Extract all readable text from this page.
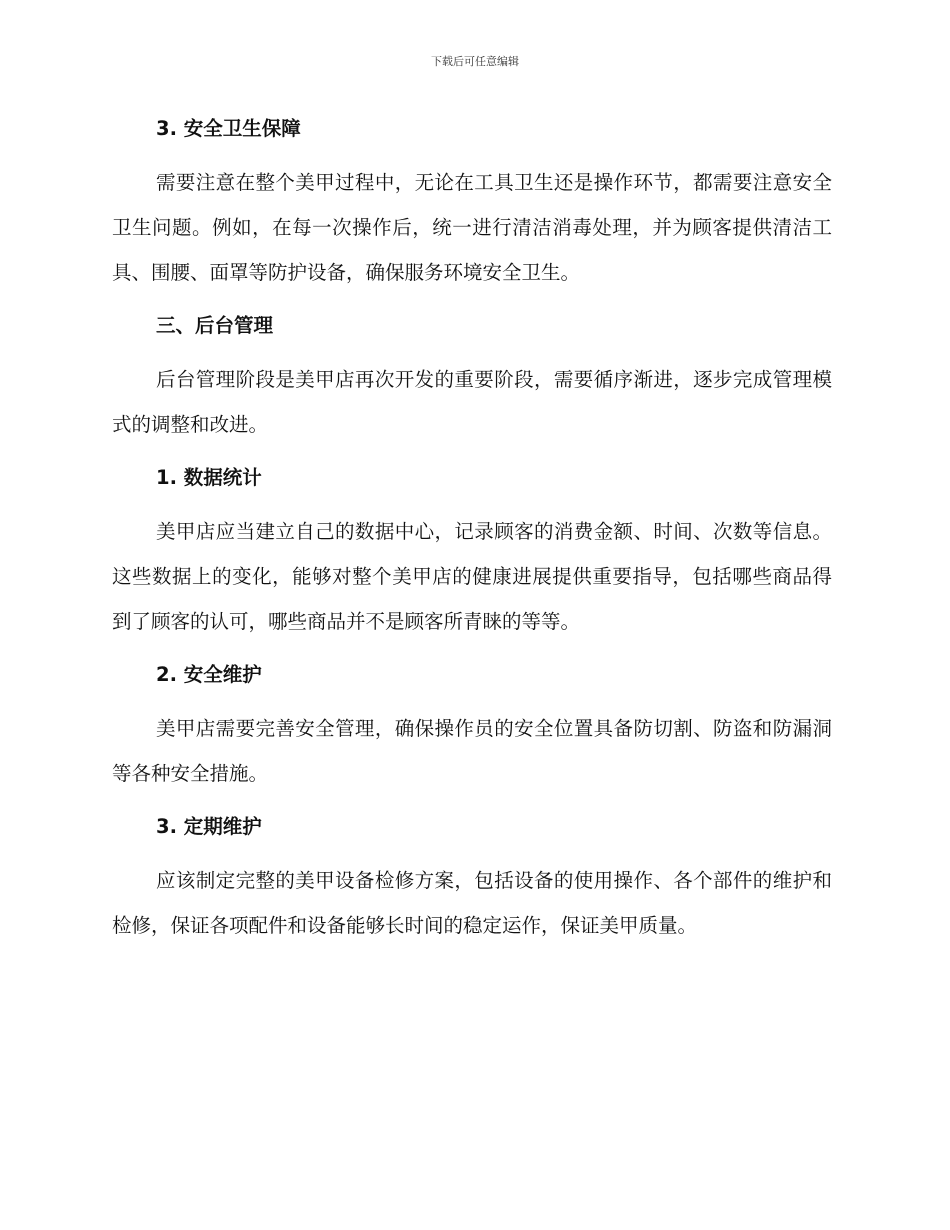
下载后可任意编辑
3. 安全卫生保障

需要注意在整个美甲过程中，无论在工具卫生还是操作环节，都需要注意安全卫生问题。例如，在每一次操作后，统一进行清洁消毒处理，并为顾客提供清洁工具、围腰、面罩等防护设备，确保服务环境安全卫生。

三、后台管理

后台管理阶段是美甲店再次开发的重要阶段，需要循序渐进，逐步完成管理模式的调整和改进。

1. 数据统计

美甲店应当建立自己的数据中心，记录顾客的消费金额、时间、次数等信息。这些数据上的变化，能够对整个美甲店的健康进展提供重要指导，包括哪些商品得到了顾客的认可，哪些商品并不是顾客所青睐的等等。

2. 安全维护

美甲店需要完善安全管理，确保操作员的安全位置具备防切割、防盗和防漏洞等各种安全措施。

3. 定期维护

应该制定完整的美甲设备检修方案，包括设备的使用操作、各个部件的维护和检修，保证各项配件和设备能够长时间的稳定运作，保证美甲质量。
